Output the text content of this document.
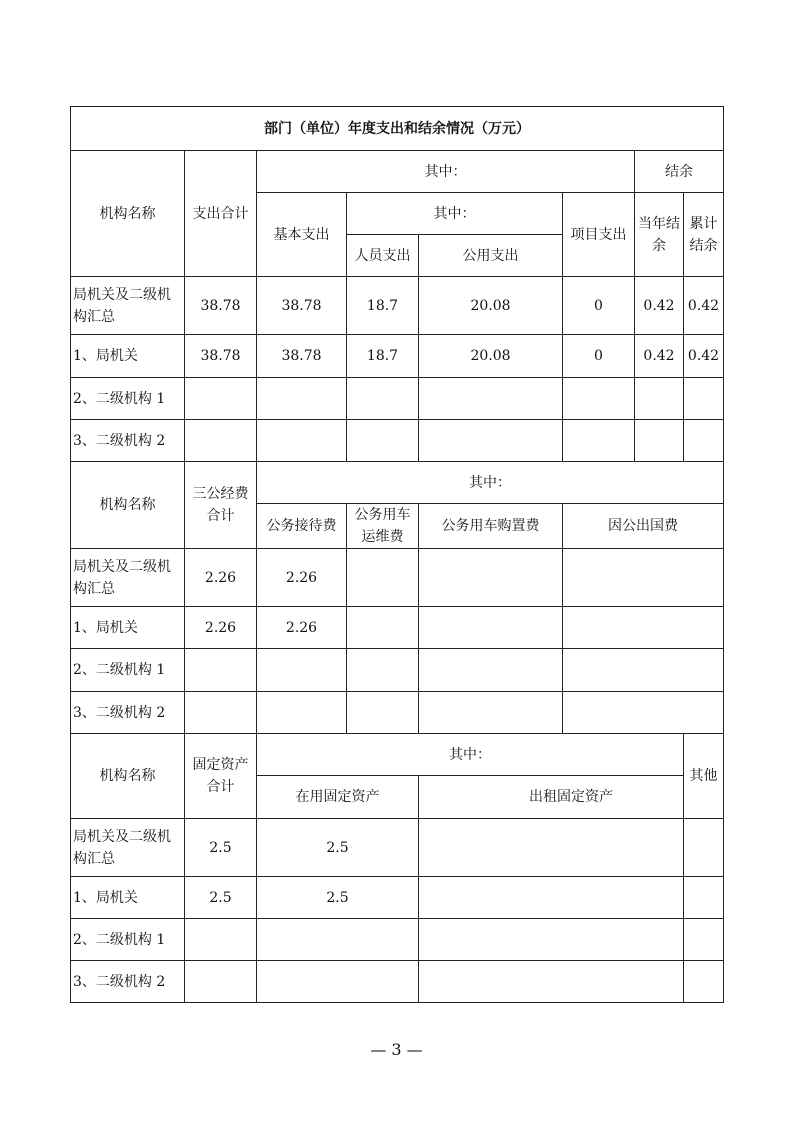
部门（单位）年度支出和结余情况（万元）							
机构名称	支出合计	其中：				结余	
		基本支出	其中：		项目支出	当年结余	累计结余
			人员支出	公用支出			
局机关及二级机构汇总	38.78	38.78	18.7	20.08	0	0.42	0.42
1、局机关	38.78	38.78	18.7	20.08	0	0.42	0.42
2、二级机构 1							
3、二级机构 2							
机构名称	三公经费合计	其中：					
		公务接待费	公务用车运维费	公务用车购置费	因公出国费		
局机关及二级机构汇总	2.26	2.26					
1、局机关	2.26	2.26					
2、二级机构 1							
3、二级机构 2							
机构名称	固定资产合计	其中：					其他
		在用固定资产		出租固定资产			
局机关及二级机构汇总	2.5	2.5					
1、局机关	2.5	2.5					
2、二级机构 1							
3、二级机构 2							
— 3 —
